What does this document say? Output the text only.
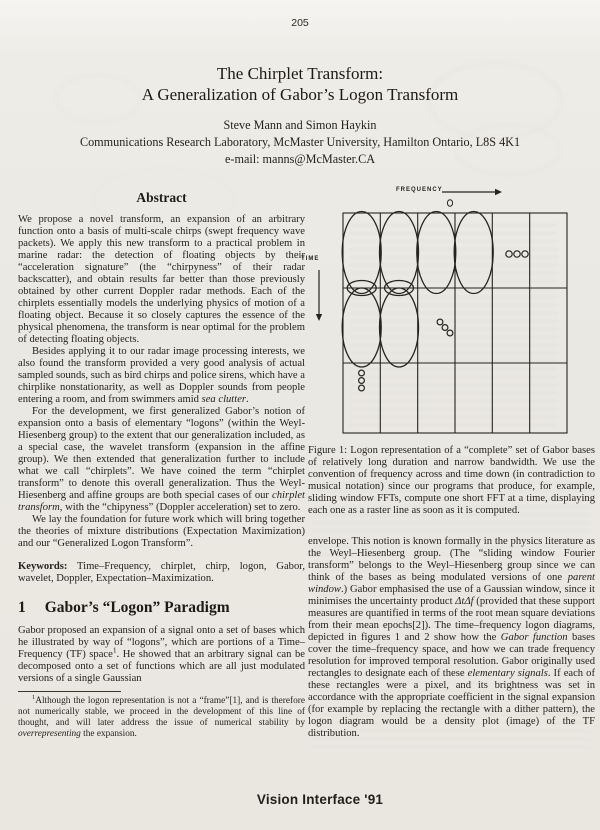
205
The Chirplet Transform:
A Generalization of Gabor’s Logon Transform
Steve Mann and Simon Haykin
Communications Research Laboratory, McMaster University, Hamilton Ontario, L8S 4K1
e-mail: manns@McMaster.CA
Abstract

We propose a novel transform, an expansion of an arbitrary function onto a basis of multi-scale chirps (swept frequency wave packets). We apply this new transform to a practical problem in marine radar: the detection of floating objects by their “acceleration signature” (the “chirpyness” of their radar backscatter), and obtain results far better than those previously obtained by other current Doppler radar methods. Each of the chirplets essentially models the underlying physics of motion of a floating object. Because it so closely captures the essence of the physical phenomena, the transform is near optimal for the problem of detecting floating objects.

Besides applying it to our radar image processing interests, we also found the transform provided a very good analysis of actual sampled sounds, such as bird chirps and police sirens, which have a chirplike nonstationarity, as well as Doppler sounds from people entering a room, and from swimmers amid sea clutter.

For the development, we first generalized Gabor’s notion of expansion onto a basis of elementary “logons” (within the Weyl-Hiesenberg group) to the extent that our generalization included, as a special case, the wavelet transform (expansion in the affine group). We then extended that generalization further to include what we call “chirplets”. We have coined the term “chirplet transform” to denote this overall generalization. Thus the Weyl-Hiesenberg and affine groups are both special cases of our chirplet transform, with the “chipyness” (Doppler acceleration) set to zero.

We lay the foundation for future work which will bring together the theories of mixture distributions (Expectation Maximization) and our “Generalized Logon Transform”.

Keywords: Time–Frequency, chirplet, chirp, logon, Gabor, wavelet, Doppler, Expectation–Maximization.

1 Gabor’s “Logon” Paradigm

Gabor proposed an expansion of a signal onto a set of bases which he illustrated by way of “logons”, which are portions of a Time–Frequency (TF) space$^1$. He showed that an arbitrary signal can be decomposed onto a set of functions which are all just modulated versions of a single Gaussian

$^1$Although the logon representation is not a “frame”[1], and is therefore not numerically stable, we proceed in the development of this line of thought, and will later address the issue of numerical stability by overrepresenting the expansion.

FREQUENCY
TIME

Figure 1: Logon representation of a “complete” set of Gabor bases of relatively long duration and narrow bandwidth. We use the convention of frequency across and time down (in contradiction to musical notation) since our programs that produce, for example, sliding window FFTs, compute one short FFT at a time, displaying each one as a raster line as soon as it is computed.

envelope. This notion is known formally in the physics literature as the Weyl–Hiesenberg group. (The “sliding window Fourier transform” belongs to the Weyl–Hiesenberg group since we can think of the bases as being modulated versions of one parent window.) Gabor emphasised the use of a Gaussian window, since it minimises the uncertainty product ΔtΔf (provided that these support measures are quantified in terms of the root mean square deviations from their mean epochs[2]). The time–frequency logon diagrams, depicted in figures 1 and 2 show how the Gabor function bases cover the time–frequency space, and how we can trade frequency resolution for improved temporal resolution. Gabor originally used rectangles to designate each of these elementary signals. If each of these rectangles were a pixel, and its brightness was set in accordance with the appropriate coefficient in the signal expansion (for example by replacing the rectangle with a dither pattern), the logon diagram would be a density plot (image) of the TF distribution.

Vision Interface '91
